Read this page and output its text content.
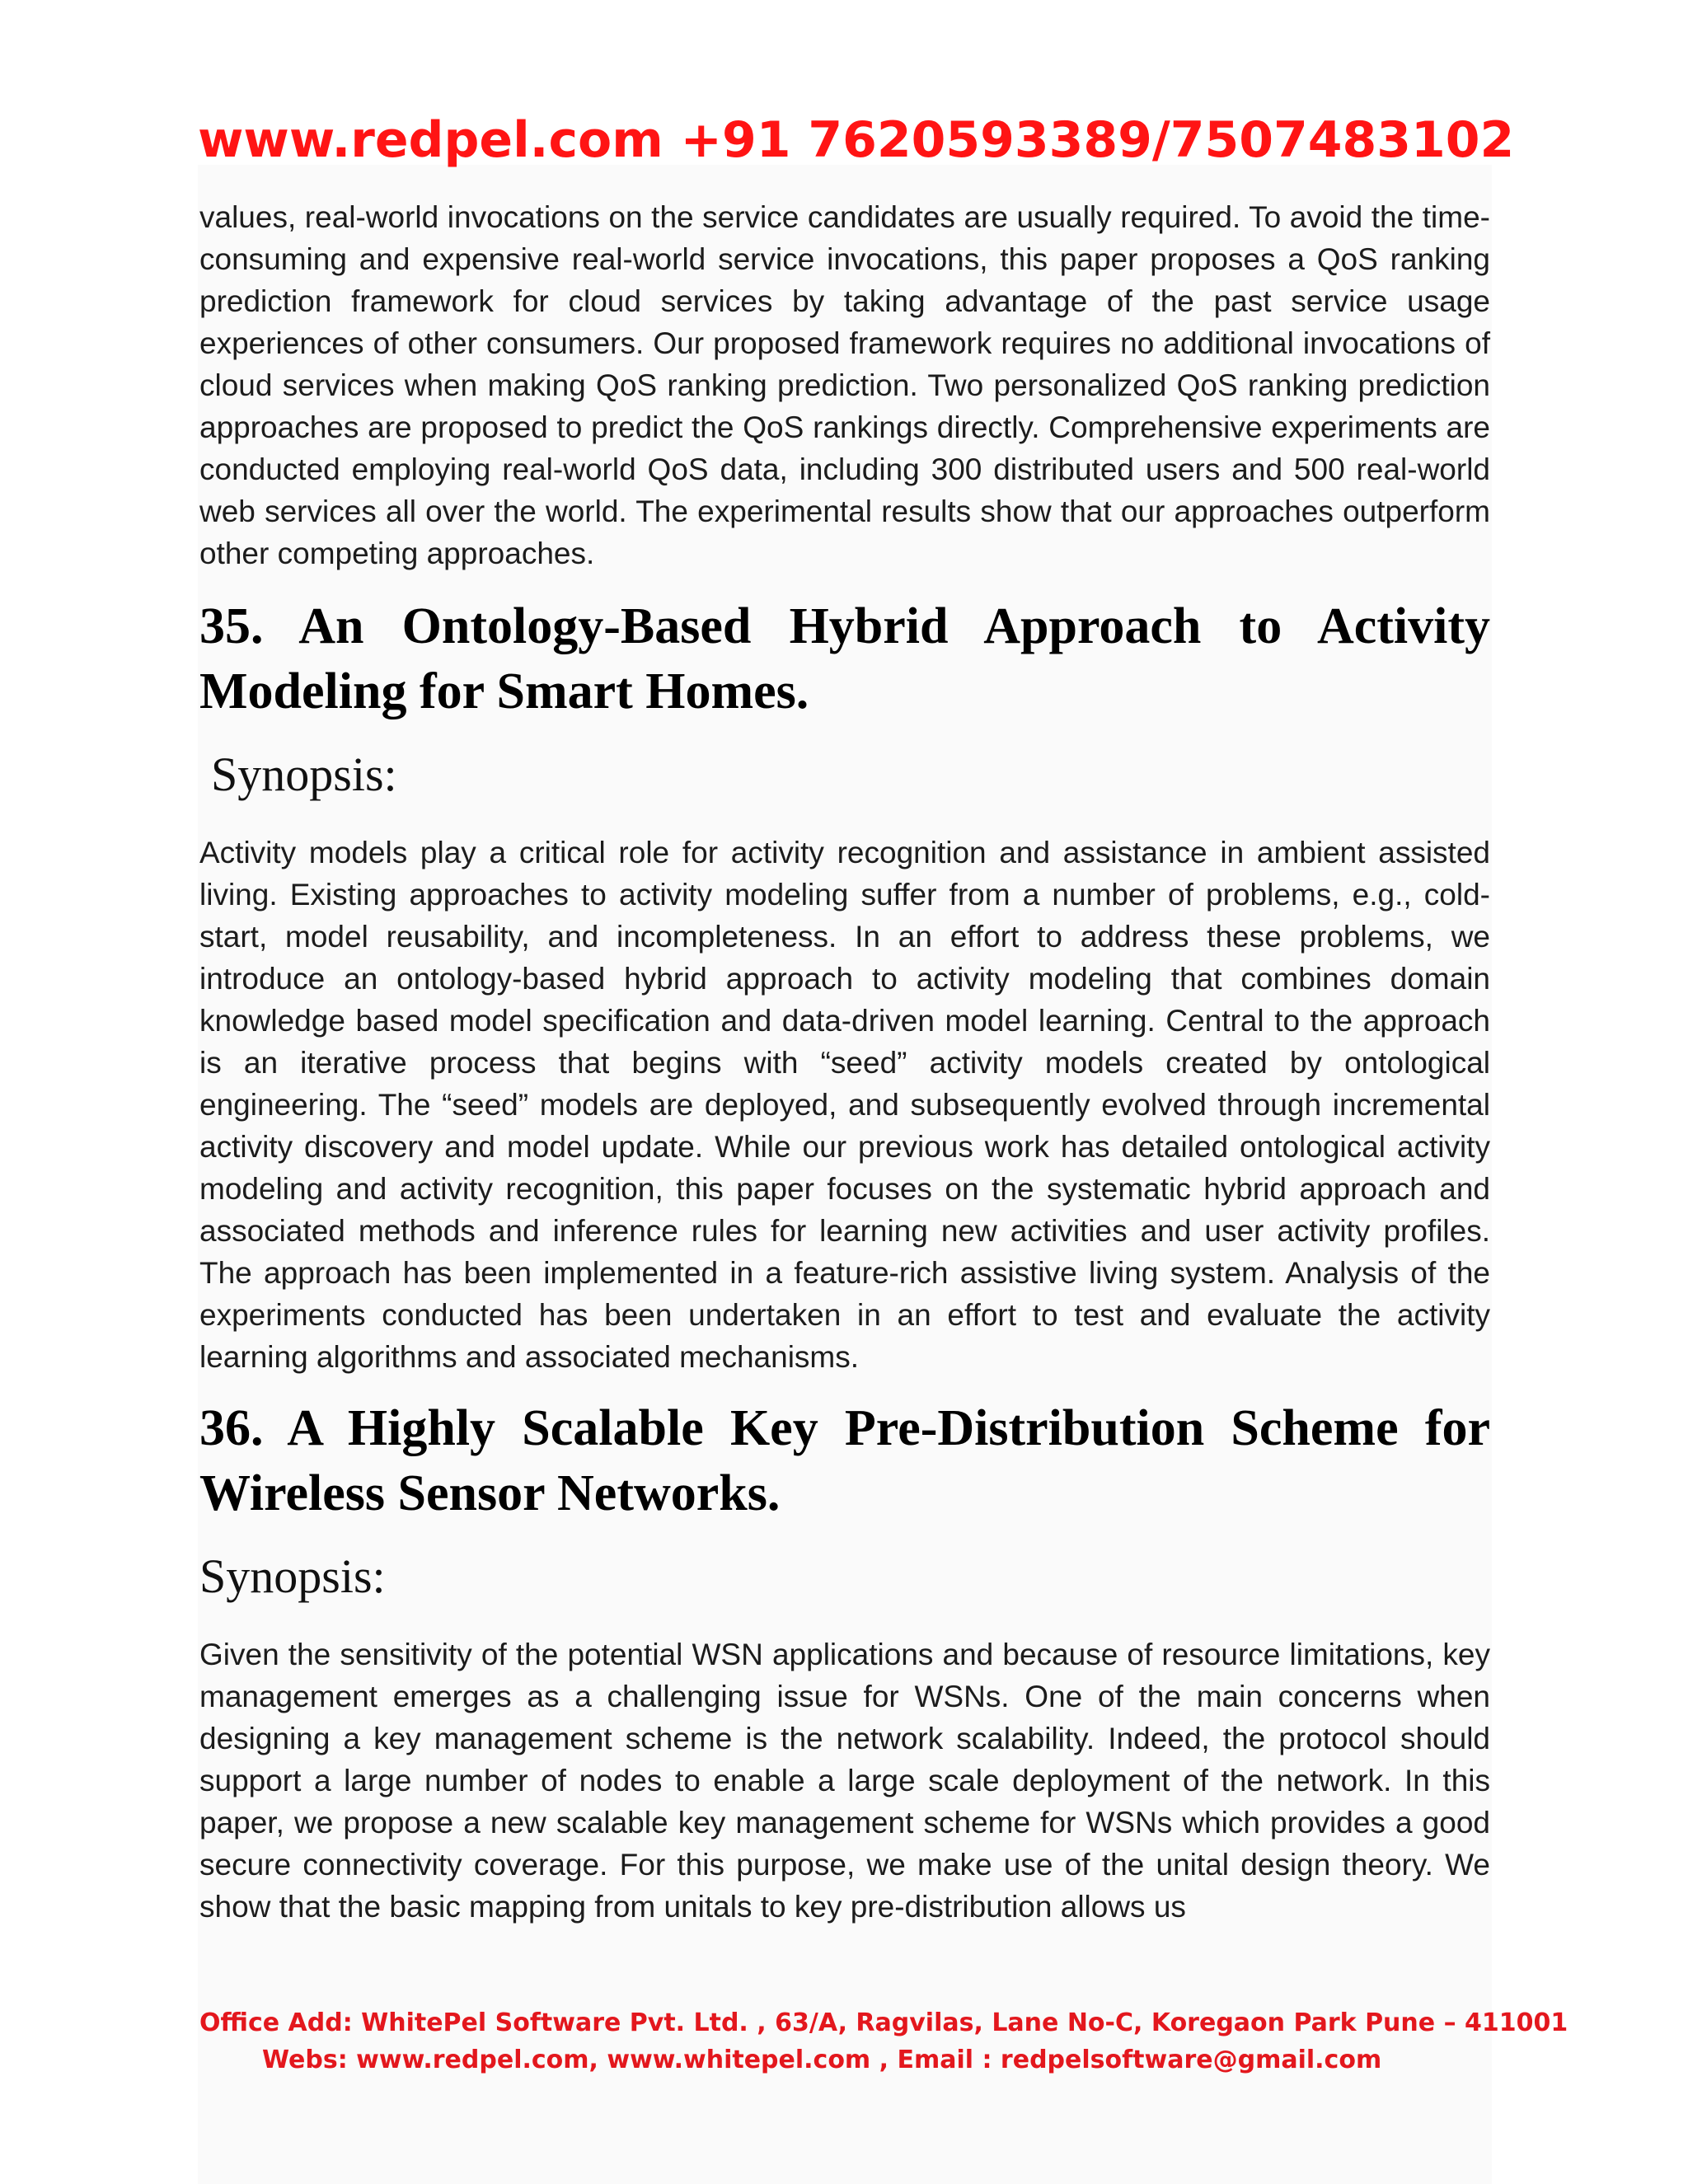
www.redpel.com +91 7620593389/7507483102

values, real-world invocations on the service candidates are usually required. To avoid the time-consuming and expensive real-world service invocations, this paper proposes a QoS ranking prediction framework for cloud services by taking advantage of the past service usage experiences of other consumers. Our proposed framework requires no additional invocations of cloud services when making QoS ranking prediction. Two personalized QoS ranking prediction approaches are proposed to predict the QoS rankings directly. Comprehensive experiments are conducted employing real-world QoS data, including 300 distributed users and 500 real-world web services all over the world. The experimental results show that our approaches outperform other competing approaches.

35. An Ontology-Based Hybrid Approach to Activity Modeling for Smart Homes.
Synopsis:

Activity models play a critical role for activity recognition and assistance in ambient assisted living. Existing approaches to activity modeling suffer from a number of problems, e.g., cold-start, model reusability, and incompleteness. In an effort to address these problems, we introduce an ontology-based hybrid approach to activity modeling that combines domain knowledge based model specification and data-driven model learning. Central to the approach is an iterative process that begins with “seed” activity models created by ontological engineering. The “seed” models are deployed, and subsequently evolved through incremental activity discovery and model update. While our previous work has detailed ontological activity modeling and activity recognition, this paper focuses on the systematic hybrid approach and associated methods and inference rules for learning new activities and user activity profiles. The approach has been implemented in a feature-rich assistive living system. Analysis of the experiments conducted has been undertaken in an effort to test and evaluate the activity learning algorithms and associated mechanisms.

36. A Highly Scalable Key Pre-Distribution Scheme for Wireless Sensor Networks.
Synopsis:

Given the sensitivity of the potential WSN applications and because of resource limitations, key management emerges as a challenging issue for WSNs. One of the main concerns when designing a key management scheme is the network scalability. Indeed, the protocol should support a large number of nodes to enable a large scale deployment of the network. In this paper, we propose a new scalable key management scheme for WSNs which provides a good secure connectivity coverage. For this purpose, we make use of the unital design theory. We show that the basic mapping from unitals to key pre-distribution allows us

Office Add: WhitePel Software Pvt. Ltd. , 63/A, Ragvilas, Lane No-C, Koregaon Park Pune – 411001
Webs: www.redpel.com, www.whitepel.com , Email : redpelsoftware@gmail.com
